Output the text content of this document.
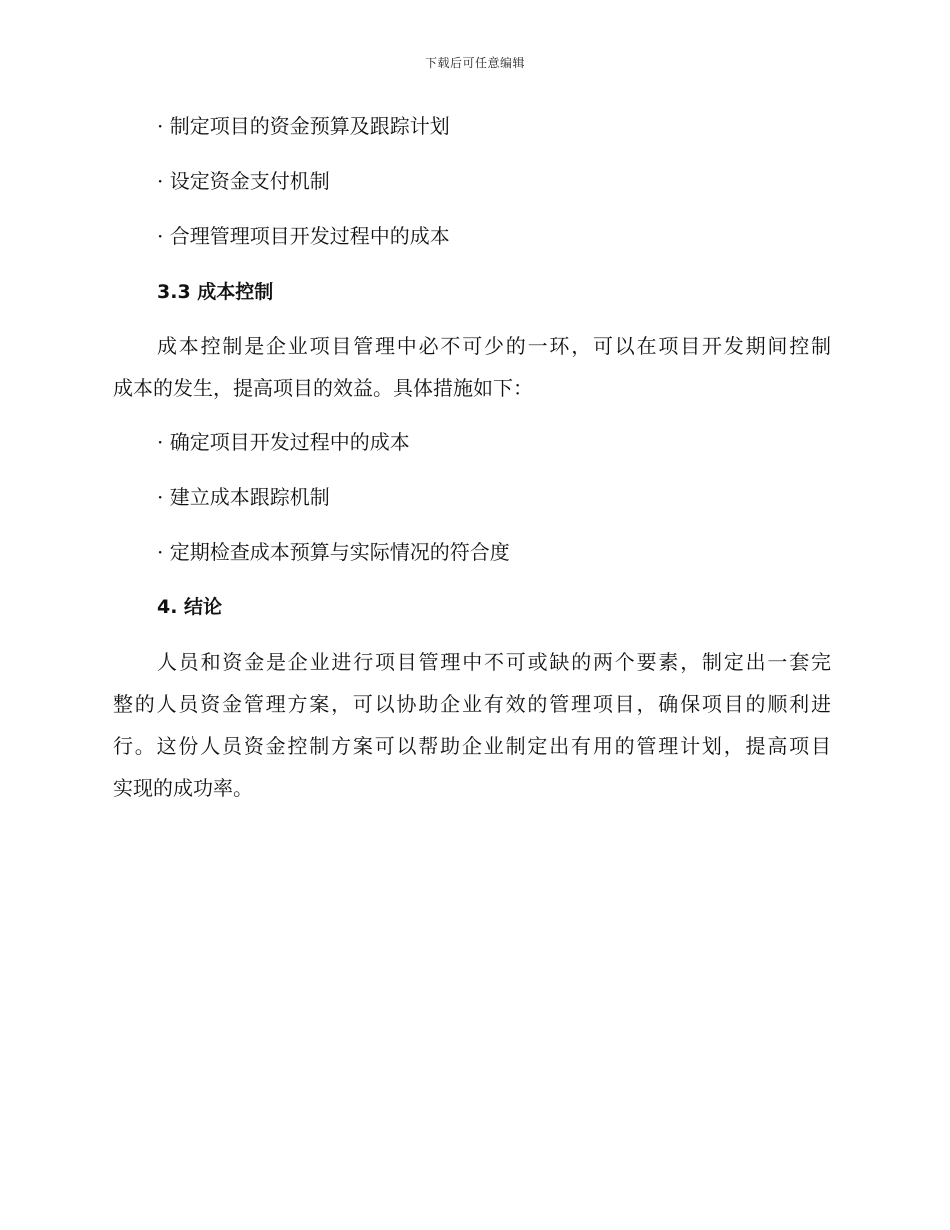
下载后可任意编辑
· 制定项目的资金预算及跟踪计划
· 设定资金支付机制
· 合理管理项目开发过程中的成本
3.3 成本控制
成本控制是企业项目管理中必不可少的一环，可以在项目开发期间控制
成本的发生，提高项目的效益。具体措施如下：
· 确定项目开发过程中的成本
· 建立成本跟踪机制
· 定期检查成本预算与实际情况的符合度
4. 结论
人员和资金是企业进行项目管理中不可或缺的两个要素，制定出一套完
整的人员资金管理方案，可以协助企业有效的管理项目，确保项目的顺利进
行。这份人员资金控制方案可以帮助企业制定出有用的管理计划，提高项目
实现的成功率。
